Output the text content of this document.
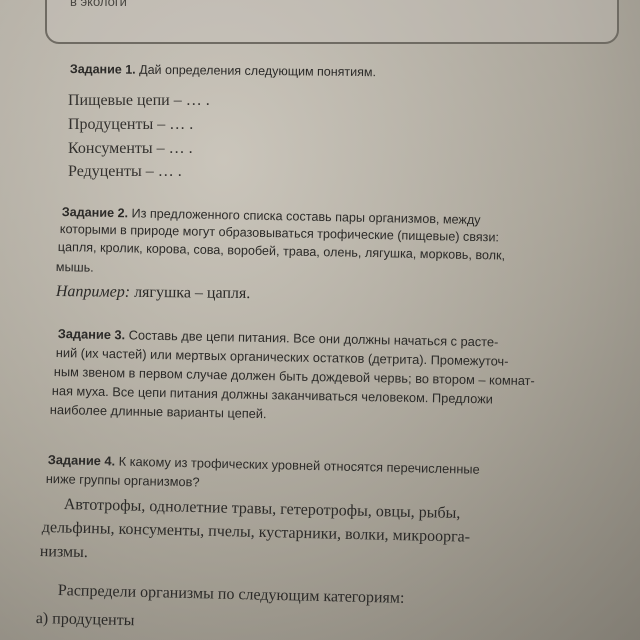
в экологи
Задание 1. Дай определения следующим понятиям.
Пищевые цепи – … .
Продуценты – … .
Консументы – … .
Редуценты – … .
Задание 2. Из предложенного списка составь пары организмов, между
которыми в природе могут образовываться трофические (пищевые) связи:
цапля, кролик, корова, сова, воробей, трава, олень, лягушка, морковь, волк,
мышь.
Например: лягушка – цапля.
Задание 3. Составь две цепи питания. Все они должны начаться с расте-
ний (их частей) или мертвых органических остатков (детрита). Промежуточ-
ным звеном в первом случае должен быть дождевой червь; во втором – комнат-
ная муха. Все цепи питания должны заканчиваться человеком. Предложи
наиболее длинные варианты цепей.
Задание 4. К какому из трофических уровней относятся перечисленные
ниже группы организмов?
Автотрофы, однолетние травы, гетеротрофы, овцы, рыбы,
дельфины, консументы, пчелы, кустарники, волки, микроорга-
низмы.
Распредели организмы по следующим категориям:
а) продуценты
